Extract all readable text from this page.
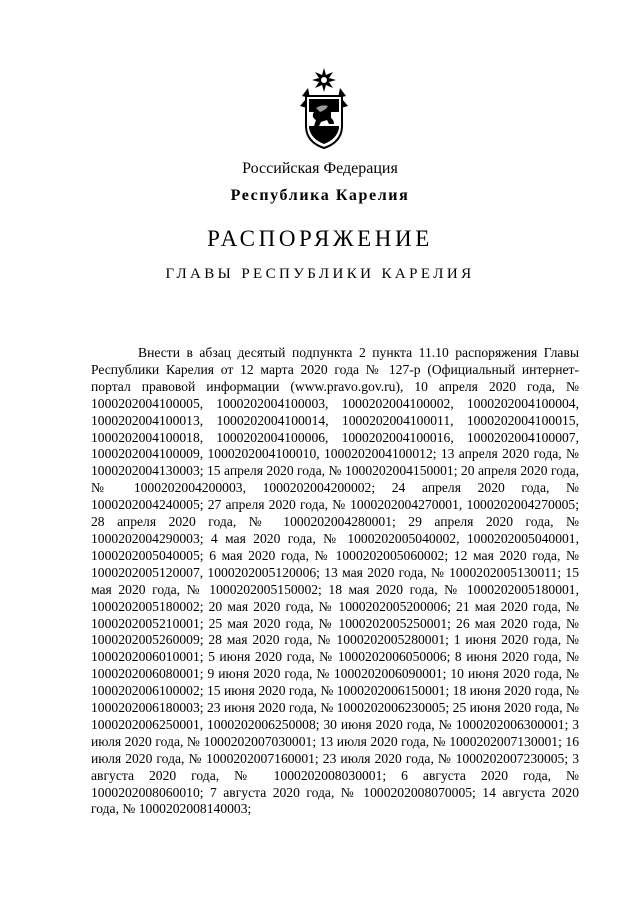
Российская Федерация
Республика Карелия
РАСПОРЯЖЕНИЕ
ГЛАВЫ РЕСПУБЛИКИ КАРЕЛИЯ

Внести в абзац десятый подпункта 2 пункта 11.10 распоряжения Главы Республики Карелия от 12 марта 2020 года № 127-р (Официальный интернет-портал правовой информации (www.pravo.gov.ru), 10 апреля 2020 года, № 1000202004100005, 1000202004100003, 1000202004100002, 1000202004100004, 1000202004100013, 1000202004100014, 1000202004100011, 1000202004100015, 1000202004100018, 1000202004100006, 1000202004100016, 1000202004100007, 1000202004100009, 1000202004100010, 1000202004100012; 13 апреля 2020 года, № 1000202004130003; 15 апреля 2020 года, № 1000202004150001; 20 апреля 2020 года, № 1000202004200003, 1000202004200002; 24 апреля 2020 года, № 1000202004240005; 27 апреля 2020 года, № 1000202004270001, 1000202004270005; 28 апреля 2020 года, № 1000202004280001; 29 апреля 2020 года, № 1000202004290003; 4 мая 2020 года, № 1000202005040002, 1000202005040001, 1000202005040005; 6 мая 2020 года, № 1000202005060002; 12 мая 2020 года, № 1000202005120007, 1000202005120006; 13 мая 2020 года, № 1000202005130011; 15 мая 2020 года, № 1000202005150002; 18 мая 2020 года, № 1000202005180001, 1000202005180002; 20 мая 2020 года, № 1000202005200006; 21 мая 2020 года, № 1000202005210001; 25 мая 2020 года, № 1000202005250001; 26 мая 2020 года, № 1000202005260009; 28 мая 2020 года, № 1000202005280001; 1 июня 2020 года, № 1000202006010001; 5 июня 2020 года, № 1000202006050006; 8 июня 2020 года, № 1000202006080001; 9 июня 2020 года, № 1000202006090001; 10 июня 2020 года, № 1000202006100002; 15 июня 2020 года, № 1000202006150001; 18 июня 2020 года, № 1000202006180003; 23 июня 2020 года, № 1000202006230005; 25 июня 2020 года, № 1000202006250001, 1000202006250008; 30 июня 2020 года, № 1000202006300001; 3 июля 2020 года, № 1000202007030001; 13 июля 2020 года, № 1000202007130001; 16 июля 2020 года, № 1000202007160001; 23 июля 2020 года, № 1000202007230005; 3 августа 2020 года, № 1000202008030001; 6 августа 2020 года, № 1000202008060010; 7 августа 2020 года, № 1000202008070005; 14 августа 2020 года, № 1000202008140003;
